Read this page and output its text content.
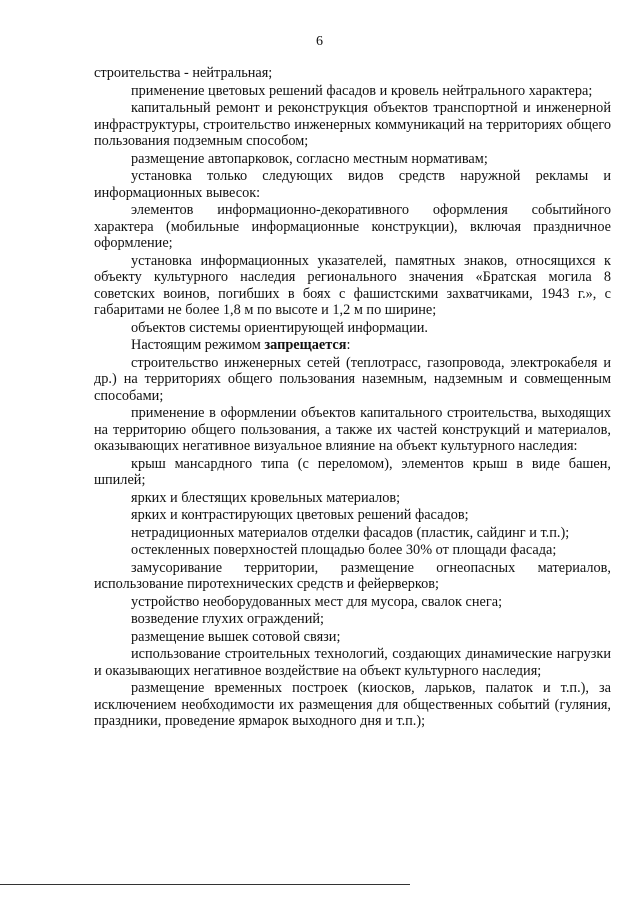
6

строительства - нейтральная;

применение цветовых решений фасадов и кровель нейтрального характера;

капитальный ремонт и реконструкция объектов транспортной и инженерной инфраструктуры, строительство инженерных коммуникаций на территориях общего пользования подземным способом;

размещение автопарковок, согласно местным нормативам;

установка только следующих видов средств наружной рекламы и информационных вывесок:

элементов информационно-декоративного оформления событийного характера (мобильные информационные конструкции), включая праздничное оформление;

установка информационных указателей, памятных знаков, относящихся к объекту культурного наследия регионального значения «Братская могила 8 советских воинов, погибших в боях с фашистскими захватчиками, 1943 г.», с габаритами не более 1,8 м по высоте и 1,2 м по ширине;

объектов системы ориентирующей информации.

Настоящим режимом запрещается:

строительство инженерных сетей (теплотрасс, газопровода, электрокабеля и др.) на территориях общего пользования наземным, надземным и совмещенным способами;

применение в оформлении объектов капитального строительства, выходящих на территорию общего пользования, а также их частей конструкций и материалов, оказывающих негативное визуальное влияние на объект культурного наследия:

крыш мансардного типа (с переломом), элементов крыш в виде башен, шпилей;

ярких и блестящих кровельных материалов;

ярких и контрастирующих цветовых решений фасадов;

нетрадиционных материалов отделки фасадов (пластик, сайдинг и т.п.);

остекленных поверхностей площадью более 30% от площади фасада;

замусоривание территории, размещение огнеопасных материалов, использование пиротехнических средств и фейерверков;

устройство необорудованных мест для мусора, свалок снега;

возведение глухих ограждений;

размещение вышек сотовой связи;

использование строительных технологий, создающих динамические нагрузки и оказывающих негативное воздействие на объект культурного наследия;

размещение временных построек (киосков, ларьков, палаток и т.п.), за исключением необходимости их размещения для общественных событий (гуляния, праздники, проведение ярмарок выходного дня и т.п.);
